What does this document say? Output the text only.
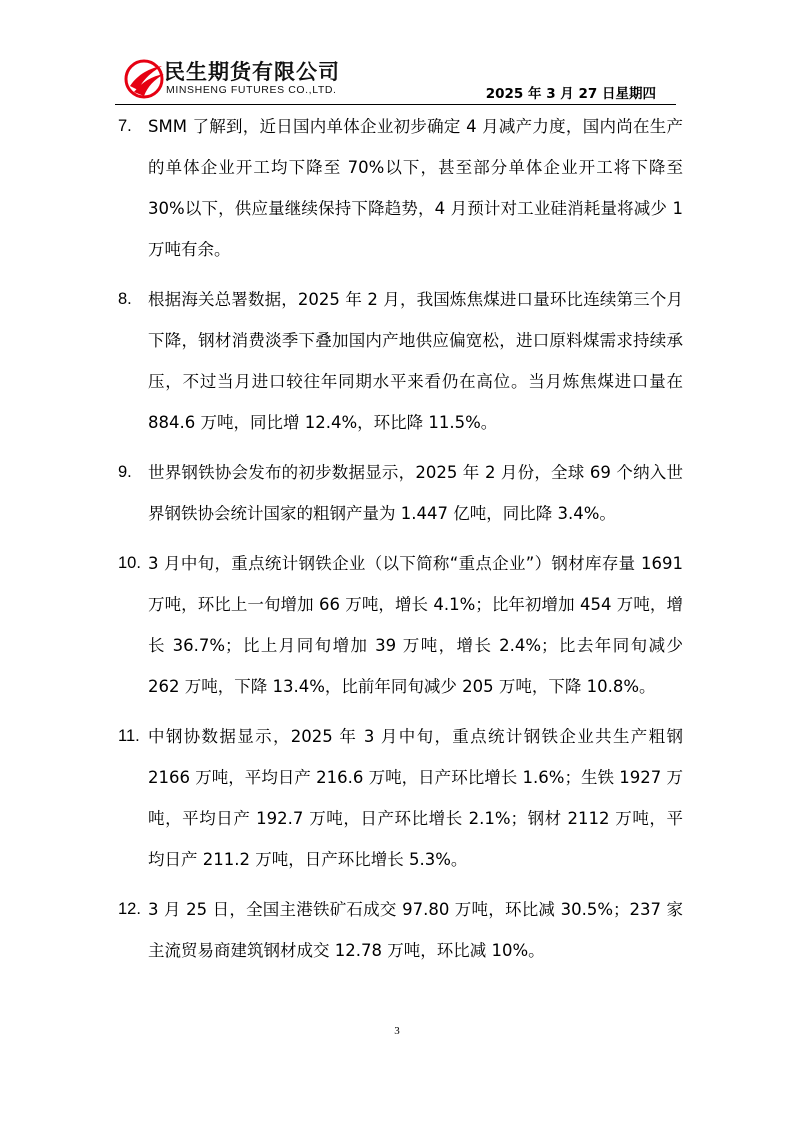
民生期货有限公司
MINSHENG FUTURES CO.,LTD.	2025 年 3 月 27 日星期四
7. SMM 了解到，近日国内单体企业初步确定 4 月减产力度，国内尚在生产的单体企业开工均下降至 70%以下，甚至部分单体企业开工将下降至 30%以下，供应量继续保持下降趋势，4 月预计对工业硅消耗量将减少 1 万吨有余。

8. 根据海关总署数据，2025 年 2 月，我国炼焦煤进口量环比连续第三个月下降，钢材消费淡季下叠加国内产地供应偏宽松，进口原料煤需求持续承压，不过当月进口较往年同期水平来看仍在高位。当月炼焦煤进口量在 884.6 万吨，同比增 12.4%，环比降 11.5%。

9. 世界钢铁协会发布的初步数据显示，2025 年 2 月份，全球 69 个纳入世界钢铁协会统计国家的粗钢产量为 1.447 亿吨，同比降 3.4%。

10. 3 月中旬，重点统计钢铁企业（以下简称“重点企业”）钢材库存量 1691 万吨，环比上一旬增加 66 万吨，增长 4.1%；比年初增加 454 万吨，增长 36.7%；比上月同旬增加 39 万吨，增长 2.4%；比去年同旬减少 262 万吨，下降 13.4%，比前年同旬减少 205 万吨，下降 10.8%。

11. 中钢协数据显示，2025 年 3 月中旬，重点统计钢铁企业共生产粗钢 2166 万吨，平均日产 216.6 万吨，日产环比增长 1.6%；生铁 1927 万吨，平均日产 192.7 万吨，日产环比增长 2.1%；钢材 2112 万吨，平均日产 211.2 万吨，日产环比增长 5.3%。

12. 3 月 25 日，全国主港铁矿石成交 97.80 万吨，环比减 30.5%；237 家主流贸易商建筑钢材成交 12.78 万吨，环比减 10%。

3
